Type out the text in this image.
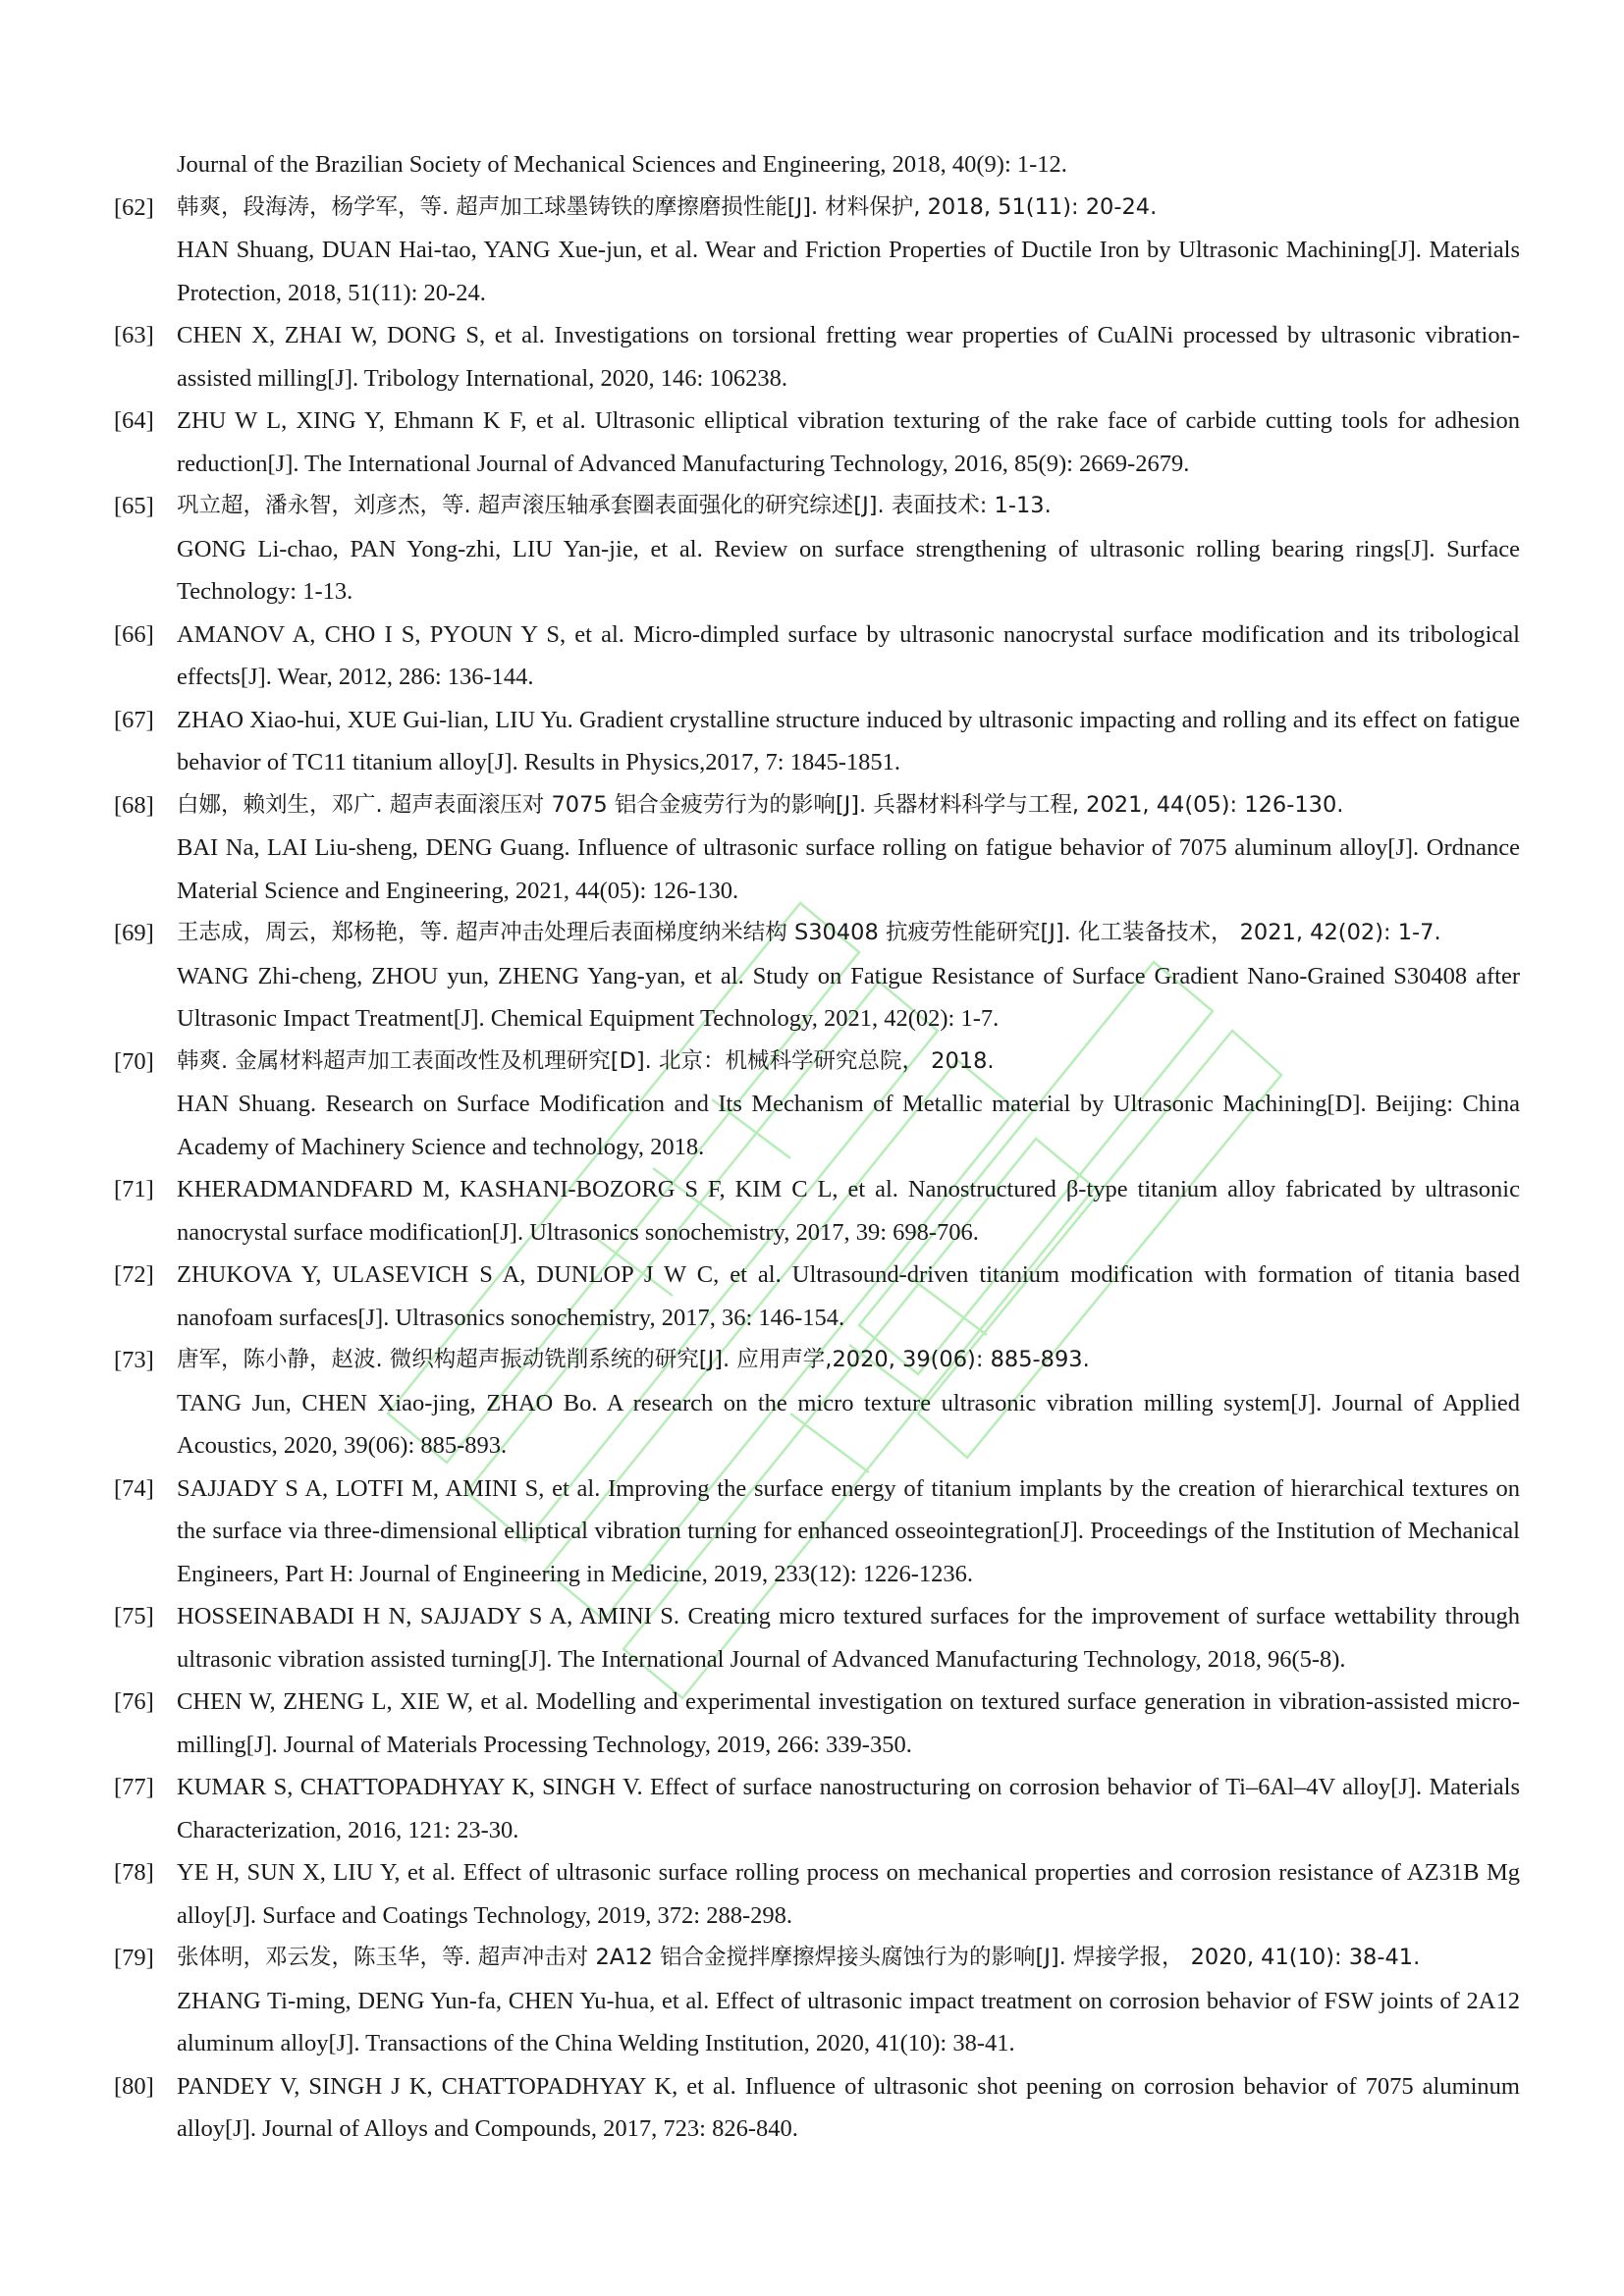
Journal of the Brazilian Society of Mechanical Sciences and Engineering, 2018, 40(9): 1-12.

[62] 韩爽，段海涛，杨学军，等. 超声加工球墨铸铁的摩擦磨损性能[J]. 材料保护, 2018, 51(11): 20-24.
HAN Shuang, DUAN Hai-tao, YANG Xue-jun, et al. Wear and Friction Properties of Ductile Iron by Ultrasonic Machining[J]. Materials Protection, 2018, 51(11): 20-24.

[63] CHEN X, ZHAI W, DONG S, et al. Investigations on torsional fretting wear properties of CuAlNi processed by ultrasonic vibration-assisted milling[J]. Tribology International, 2020, 146: 106238.

[64] ZHU W L, XING Y, Ehmann K F, et al. Ultrasonic elliptical vibration texturing of the rake face of carbide cutting tools for adhesion reduction[J]. The International Journal of Advanced Manufacturing Technology, 2016, 85(9): 2669-2679.

[65] 巩立超，潘永智，刘彦杰，等. 超声滚压轴承套圈表面强化的研究综述[J]. 表面技术: 1-13.
GONG Li-chao, PAN Yong-zhi, LIU Yan-jie, et al. Review on surface strengthening of ultrasonic rolling bearing rings[J]. Surface Technology: 1-13.

[66] AMANOV A, CHO I S, PYOUN Y S, et al. Micro-dimpled surface by ultrasonic nanocrystal surface modification and its tribological effects[J]. Wear, 2012, 286: 136-144.

[67] ZHAO Xiao-hui, XUE Gui-lian, LIU Yu. Gradient crystalline structure induced by ultrasonic impacting and rolling and its effect on fatigue behavior of TC11 titanium alloy[J]. Results in Physics,2017, 7: 1845-1851.

[68] 白娜，赖刘生，邓广. 超声表面滚压对 7075 铝合金疲劳行为的影响[J]. 兵器材料科学与工程, 2021, 44(05): 126-130.
BAI Na, LAI Liu-sheng, DENG Guang. Influence of ultrasonic surface rolling on fatigue behavior of 7075 aluminum alloy[J]. Ordnance Material Science and Engineering, 2021, 44(05): 126-130.

[69] 王志成，周云，郑杨艳，等. 超声冲击处理后表面梯度纳米结构 S30408 抗疲劳性能研究[J]. 化工装备技术， 2021, 42(02): 1-7.
WANG Zhi-cheng, ZHOU yun, ZHENG Yang-yan, et al. Study on Fatigue Resistance of Surface Gradient Nano-Grained S30408 after Ultrasonic Impact Treatment[J]. Chemical Equipment Technology, 2021, 42(02): 1-7.

[70] 韩爽. 金属材料超声加工表面改性及机理研究[D]. 北京：机械科学研究总院， 2018.
HAN Shuang. Research on Surface Modification and Its Mechanism of Metallic material by Ultrasonic Machining[D]. Beijing: China Academy of Machinery Science and technology, 2018.

[71] KHERADMANDFARD M, KASHANI-BOZORG S F, KIM C L, et al. Nanostructured β-type titanium alloy fabricated by ultrasonic nanocrystal surface modification[J]. Ultrasonics sonochemistry, 2017, 39: 698-706.

[72] ZHUKOVA Y, ULASEVICH S A, DUNLOP J W C, et al. Ultrasound-driven titanium modification with formation of titania based nanofoam surfaces[J]. Ultrasonics sonochemistry, 2017, 36: 146-154.

[73] 唐军，陈小静，赵波. 微织构超声振动铣削系统的研究[J]. 应用声学,2020, 39(06): 885-893.
TANG Jun, CHEN Xiao-jing, ZHAO Bo. A research on the micro texture ultrasonic vibration milling system[J]. Journal of Applied Acoustics, 2020, 39(06): 885-893.

[74] SAJJADY S A, LOTFI M, AMINI S, et al. Improving the surface energy of titanium implants by the creation of hierarchical textures on the surface via three-dimensional elliptical vibration turning for enhanced osseointegration[J]. Proceedings of the Institution of Mechanical Engineers, Part H: Journal of Engineering in Medicine, 2019, 233(12): 1226-1236.

[75] HOSSEINABADI H N, SAJJADY S A, AMINI S. Creating micro textured surfaces for the improvement of surface wettability through ultrasonic vibration assisted turning[J]. The International Journal of Advanced Manufacturing Technology, 2018, 96(5-8).

[76] CHEN W, ZHENG L, XIE W, et al. Modelling and experimental investigation on textured surface generation in vibration-assisted micro-milling[J]. Journal of Materials Processing Technology, 2019, 266: 339-350.

[77] KUMAR S, CHATTOPADHYAY K, SINGH V. Effect of surface nanostructuring on corrosion behavior of Ti–6Al–4V alloy[J]. Materials Characterization, 2016, 121: 23-30.

[78] YE H, SUN X, LIU Y, et al. Effect of ultrasonic surface rolling process on mechanical properties and corrosion resistance of AZ31B Mg alloy[J]. Surface and Coatings Technology, 2019, 372: 288-298.

[79] 张体明，邓云发，陈玉华，等. 超声冲击对 2A12 铝合金搅拌摩擦焊接头腐蚀行为的影响[J]. 焊接学报， 2020, 41(10): 38-41.
ZHANG Ti-ming, DENG Yun-fa, CHEN Yu-hua, et al. Effect of ultrasonic impact treatment on corrosion behavior of FSW joints of 2A12 aluminum alloy[J]. Transactions of the China Welding Institution, 2020, 41(10): 38-41.

[80] PANDEY V, SINGH J K, CHATTOPADHYAY K, et al. Influence of ultrasonic shot peening on corrosion behavior of 7075 aluminum alloy[J]. Journal of Alloys and Compounds, 2017, 723: 826-840.
